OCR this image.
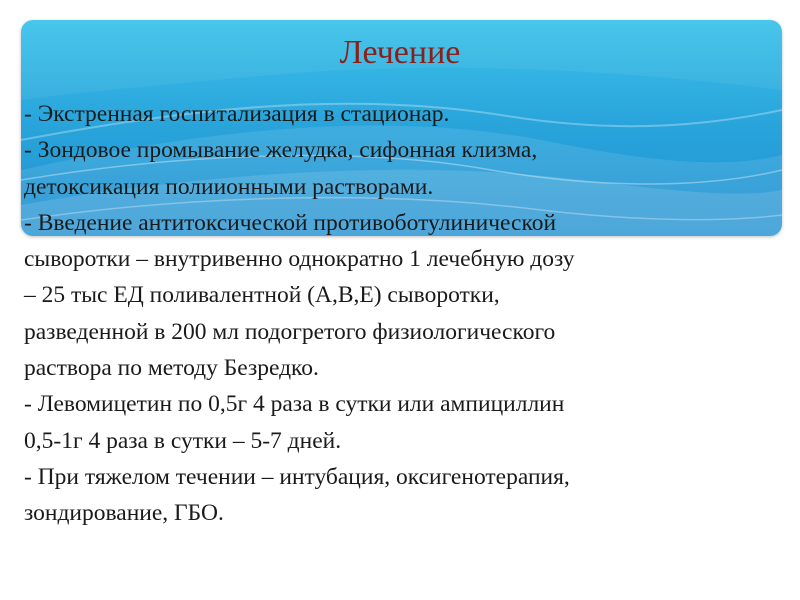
Лечение
- Экстренная госпитализация в стационар.
- Зондовое промывание желудка, сифонная клизма,
детоксикация полиионными растворами.
- Введение антитоксической противоботулинической
сыворотки – внутривенно однократно 1 лечебную дозу
– 25 тыс ЕД поливалентной (А,В,Е) сыворотки,
разведенной в 200 мл подогретого физиологического
раствора по методу Безредко.
- Левомицетин по 0,5г 4 раза в сутки или ампициллин
0,5-1г 4 раза в сутки – 5-7 дней.
- При тяжелом течении – интубация, оксигенотерапия,
зондирование, ГБО.
